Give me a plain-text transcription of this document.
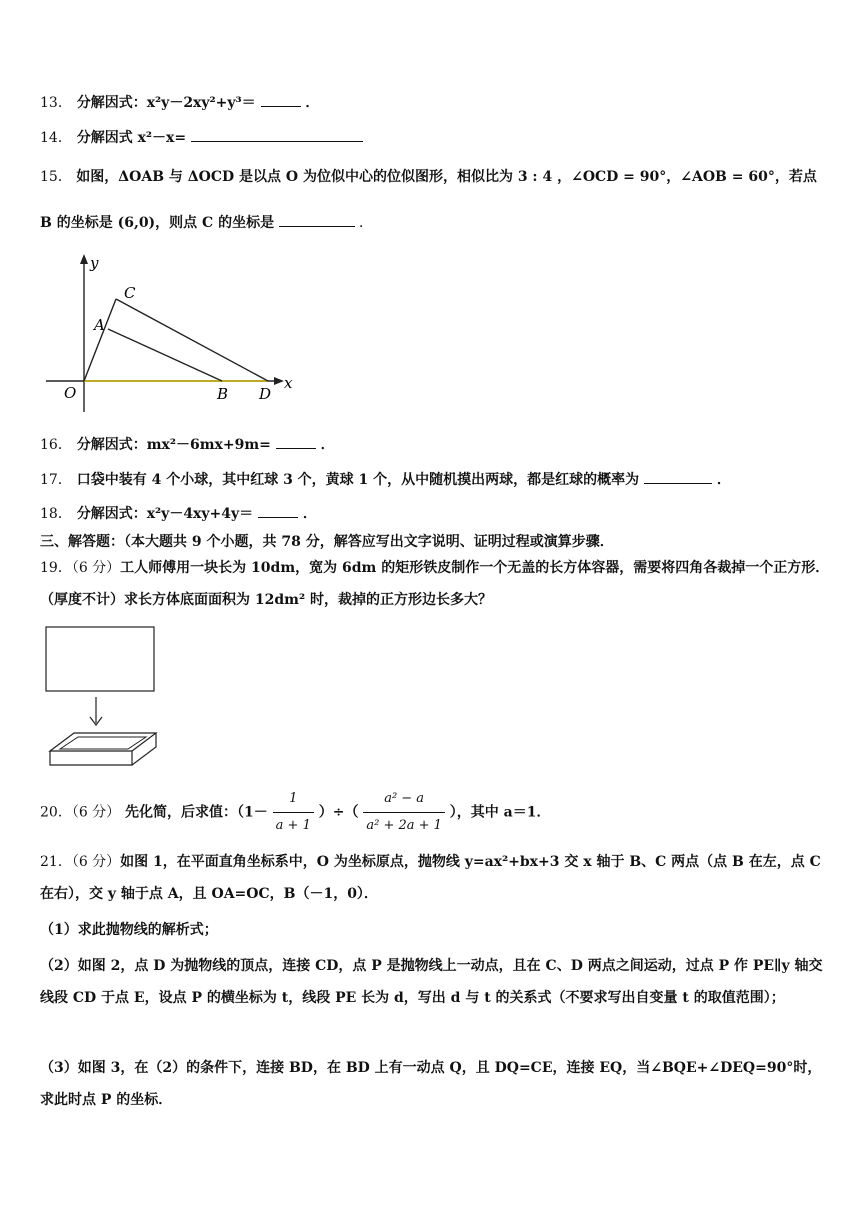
13． 分解因式：x²y－2xy²+y³＝	．
14． 分解因式 x²－x=
15． 如图，ΔOAB 与 ΔOCD 是以点 O 为位似中心的位似图形，相似比为 3 : 4 ，∠OCD = 90°，∠AOB = 60°，若点
B 的坐标是 (6,0)，则点 C 的坐标是	．
y
x
O
A
C
B D
16． 分解因式：mx²－6mx+9m=	．
17． 口袋中装有 4 个小球，其中红球 3 个，黄球 1 个，从中随机摸出两球，都是红球的概率为	．
18． 分解因式：x²y－4xy+4y＝	．
三、解答题：（本大题共 9 个小题，共 78 分，解答应写出文字说明、证明过程或演算步骤．
19．（6 分）工人师傅用一块长为 10dm，宽为 6dm 的矩形铁皮制作一个无盖的长方体容器，需要将四角各裁掉一个正方形．（厚度不计）求长方体底面面积为 12dm² 时，裁掉的正方形边长多大？
20．（6 分） 先化简，后求值：（$1- \frac{1}{a + 1}$ ）÷（ $\frac{\text{a² − a}}{\text{a² + 2a + 1}}$ ），其中 a＝1．
21．（6 分）如图 1，在平面直角坐标系中，O 为坐标原点，抛物线 y=ax²+bx+3 交 x 轴于 B、C 两点（点 B 在左，点 C 在右），交 y 轴于点 A，且 OA=OC，B（－1，0）．
（1）求此抛物线的解析式；
（2）如图 2，点 D 为抛物线的顶点，连接 CD，点 P 是抛物线上一动点，且在 C、D 两点之间运动，过点 P 作 PE∥y 轴交线段 CD 于点 E，设点 P 的横坐标为 t，线段 PE 长为 d，写出 d 与 t 的关系式（不要求写出自变量 t 的取值范围）；
（3）如图 3，在（2）的条件下，连接 BD，在 BD 上有一动点 Q，且 DQ=CE，连接 EQ，当∠BQE+∠DEQ=90°时，求此时点 P 的坐标．
